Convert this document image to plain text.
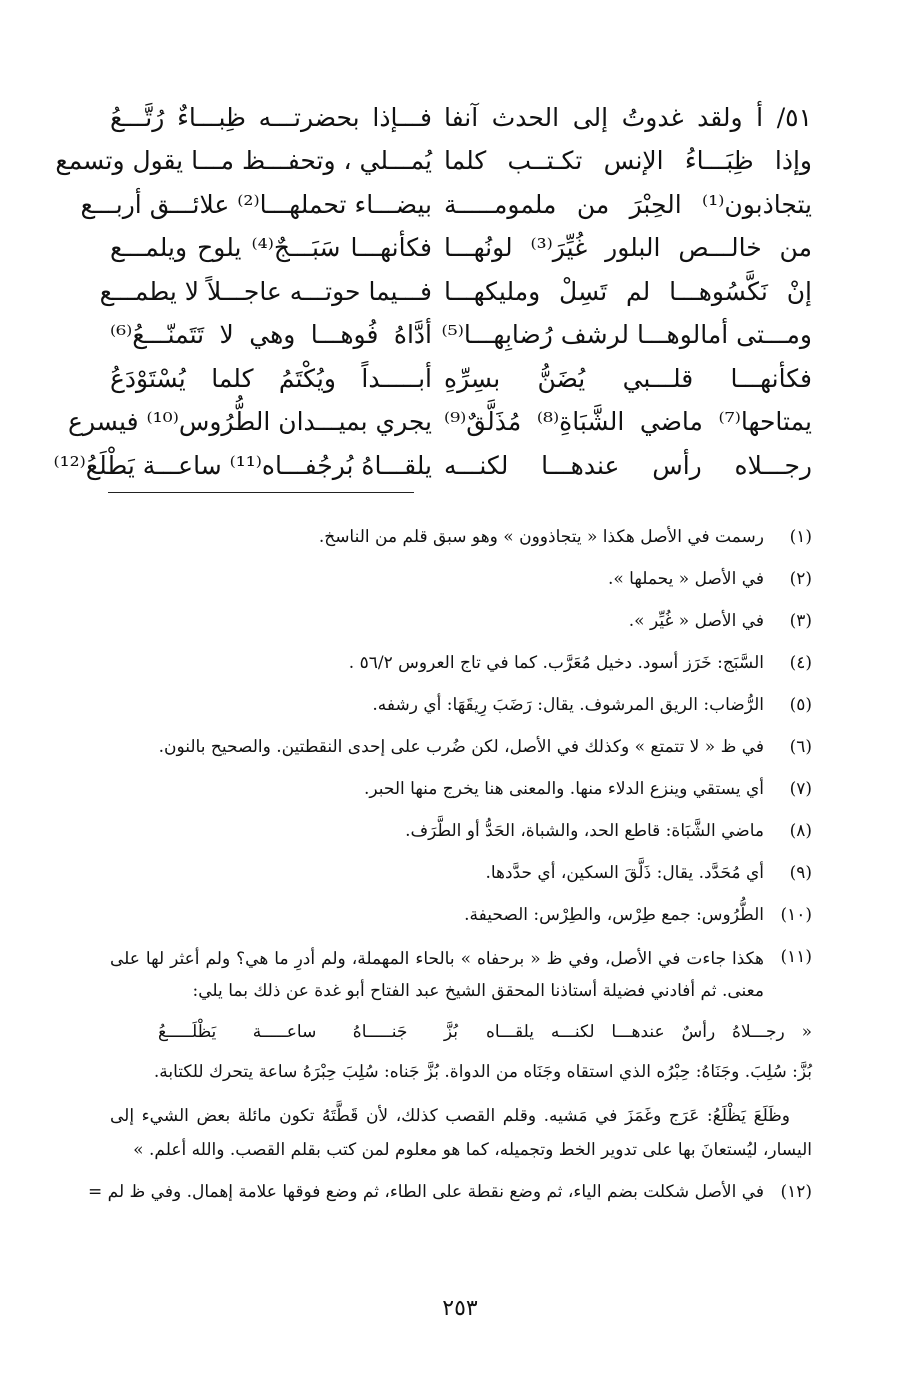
٥١/ أ ولقد غدوتُ إلى الحدث آنفا
فـــإذا بحضرتـــه ظِبـــاءٌ رُتَّـــعُ
وإذا ظِبَـــاءُ الإنس تكـتــب كلما
يُمـــلي ، وتحفـــظ مـــا يقول وتسمع
يتجاذبون⁽¹⁾ الحِبْرَ من ملمومـــــة
بيضـــاء تحملهـــا⁽²⁾ علائـــق أربـــع
من خالـــص البلور غُيِّرَ⁽³⁾ لونُهـــا
فكأنهـــا سَبَـــجٌ⁽⁴⁾ يلوح ويلمـــع
إنْ نَكَّسُوهـــا لم تَسِلْ ومليكهـــا
فـــيما حوتـــه عاجـــلاً لا يطمـــع
ومـــتى أمالوهـــا لرشف رُضابِهـــا⁽⁵⁾
أدَّاهُ فُوهـــا وهي لا تَتَمنّـــعُ⁽⁶⁾
فكأنهـــا قلـــبي يُضَنُّ بسِرِّهِ
أبـــــداً ويُكْتَمُ كلما يُسْتَوْدَعُ
يمتاحها⁽⁷⁾ ماضي الشَّبَاةِ⁽⁸⁾ مُذَلَّقٌ⁽⁹⁾
يجري بميـــدان الطُّرُوس⁽¹⁰⁾ فيسرع
رجـــلاه رأس عندهـــا لكنـــه
يلقـــاهُ بُرجُفـــاه⁽¹¹⁾ ساعـــة يَطْلَعُ⁽¹²⁾
(١)
رسمت في الأصل هكذا « يتجاذوون » وهو سبق قلم من الناسخ.
(٢)
في الأصل « يحملها ».
(٣)
في الأصل « غُيِّر ».
(٤)
السَّبَج: خَرَز أسود. دخيل مُعَرَّب. كما في تاج العروس ٥٦/٢ .
(٥)
الرُّضاب: الريق المرشوف. يقال: رَضَبَ رِيقَهَا: أي رشفه.
(٦)
في ظ « لا تتمتع » وكذلك في الأصل، لكن ضُرب على إحدى النقطتين. والصحيح بالنون.
(٧)
أي يستقي وينزع الدلاء منها. والمعنى هنا يخرج منها الحبر.
(٨)
ماضي الشَّبَاة: قاطع الحد، والشباة، الحَدُّ أو الطَّرَف.
(٩)
أي مُحَدَّد. يقال: ذَلَّقَ السكين، أي حدَّدها.
(١٠)
الطُّرُوس: جمع طِرْس، والطِرْس: الصحيفة.
(١١)
هكذا جاءت في الأصل، وفي ظ « برحفاه » بالحاء المهملة، ولم أدرِ ما هي؟ ولم أعثر لها على معنى. ثم أفادني فضيلة أستاذنا المحقق الشيخ عبد الفتاح أبو غدة عن ذلك بما يلي:
« رجـــلاهُ رأسٌ عندهـــا لكنـــه يلقـــاه
بُزَّ جَنـــــاهُ ساعـــــة يَظْلَـــــعُ

بُزَّ: سُلِبَ. وجَنَاهُ: حِبْرُه الذي استقاه وجَنَاه من الدواة. بُزَّ جَناه: سُلِبَ حِبْرَهُ ساعة يتحرك للكتابة.

وظَلَعَ يَظْلَعُ: عَرَج وغَمَزَ في مَشيه. وقلم القصب كذلك، لأن قَطَّتَهُ تكون مائلة بعض الشيء إلى اليسار، ليُستعانَ بها على تدوير الخط وتجميله، كما هو معلوم لمن كتب بقلم القصب. والله أعلم. »

(١٢)
في الأصل شكلت بضم الياء، ثم وضع نقطة على الطاء، ثم وضع فوقها علامة إهمال. وفي ظ لم =
٢٥٣
